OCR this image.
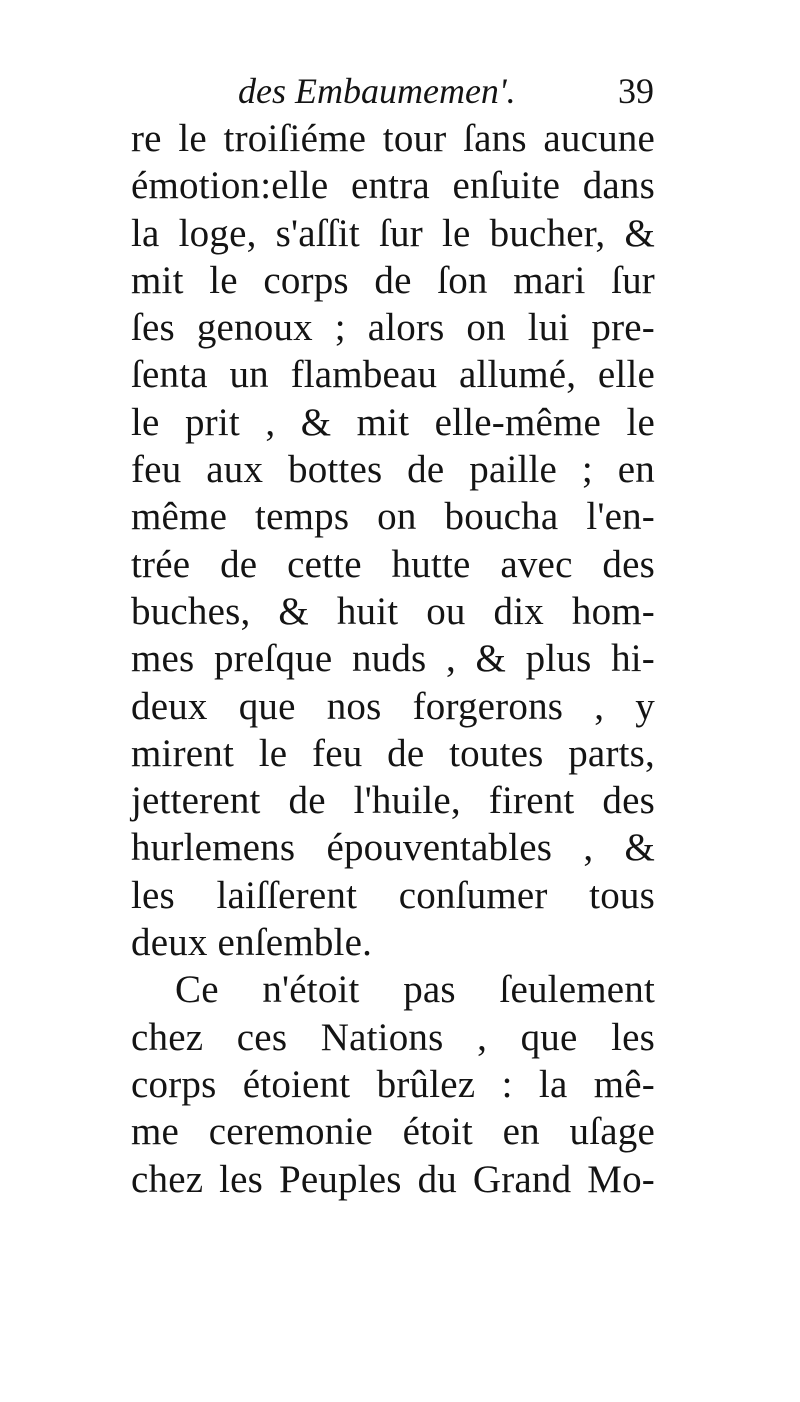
des Embaumemen'.	39
re le troiſiéme tour ſans aucune
émotion:elle entra enſuite dans
la loge, s'aſſit ſur le bucher, &
mit le corps de ſon mari ſur
ſes genoux ; alors on lui pre-
ſenta un flambeau allumé, elle
le prit , & mit elle-même le
feu aux bottes de paille ; en
même temps on boucha l'en-
trée de cette hutte avec des
buches, & huit ou dix hom-
mes preſque nuds , & plus hi-
deux que nos forgerons , y
mirent le feu de toutes parts,
jetterent de l'huile, firent des
hurlemens épouventables , &
les laiſſerent conſumer tous
deux enſemble.
Ce n'étoit pas ſeulement
chez ces Nations , que les
corps étoient brûlez : la mê-
me ceremonie étoit en uſage
chez les Peuples du Grand Mo-
